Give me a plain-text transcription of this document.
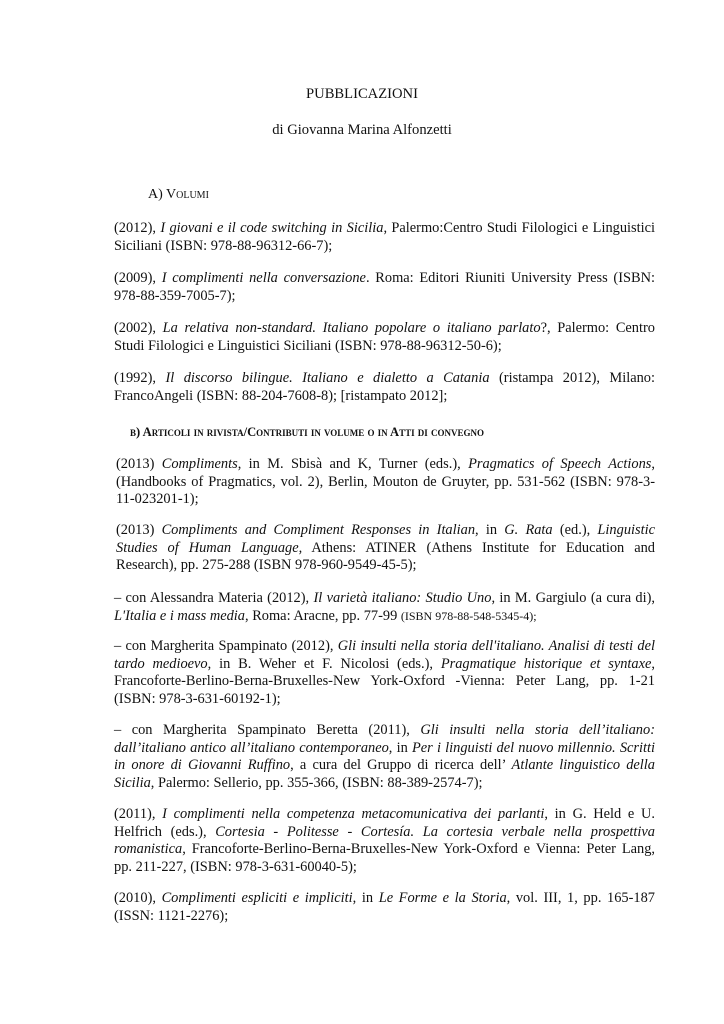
PUBBLICAZIONI
di Giovanna Marina Alfonzetti
A) Volumi
(2012), I giovani e il code switching in Sicilia, Palermo:Centro Studi Filologici e Linguistici Siciliani (ISBN: 978-88-96312-66-7);
(2009), I complimenti nella conversazione. Roma: Editori Riuniti University Press (ISBN: 978-88-359-7005-7);
(2002), La relativa non-standard. Italiano popolare o italiano parlato?, Palermo: Centro Studi Filologici e Linguistici Siciliani (ISBN: 978-88-96312-50-6);
(1992), Il discorso bilingue. Italiano e dialetto a Catania (ristampa 2012), Milano: FrancoAngeli (ISBN: 88-204-7608-8); [ristampato 2012];
b) Articoli in rivista/Contributi in volume o in Atti di convegno
(2013) Compliments, in M. Sbisà and K, Turner (eds.), Pragmatics of Speech Actions, (Handbooks of Pragmatics, vol. 2), Berlin, Mouton de Gruyter, pp. 531-562 (ISBN: 978-3-11-023201-1);
(2013) Compliments and Compliment Responses in Italian, in G. Rata (ed.), Linguistic Studies of Human Language, Athens: ATINER (Athens Institute for Education and Research), pp. 275-288 (ISBN 978-960-9549-45-5);
– con Alessandra Materia (2012), Il varietà italiano: Studio Uno, in M. Gargiulo (a cura di), L'Italia e i mass media, Roma: Aracne, pp. 77-99 (ISBN 978-88-548-5345-4);
– con Margherita Spampinato (2012), Gli insulti nella storia dell'italiano. Analisi di testi del tardo medioevo, in B. Weher et F. Nicolosi (eds.), Pragmatique historique et syntaxe, Francoforte-Berlino-Berna-Bruxelles-New York-Oxford -Vienna: Peter Lang, pp. 1-21 (ISBN: 978-3-631-60192-1);
– con Margherita Spampinato Beretta (2011), Gli insulti nella storia dell’italiano: dall’italiano antico all’italiano contemporaneo, in Per i linguisti del nuovo millennio. Scritti in onore di Giovanni Ruffino, a cura del Gruppo di ricerca dell’ Atlante linguistico della Sicilia, Palermo: Sellerio, pp. 355-366, (ISBN: 88-389-2574-7);
(2011), I complimenti nella competenza metacomunicativa dei parlanti, in G. Held e U. Helfrich (eds.), Cortesia - Politesse - Cortesía. La cortesia verbale nella prospettiva romanistica, Francoforte-Berlino-Berna-Bruxelles-New York-Oxford e Vienna: Peter Lang, pp. 211-227, (ISBN: 978-3-631-60040-5);
(2010), Complimenti espliciti e impliciti, in Le Forme e la Storia, vol. III, 1, pp. 165-187 (ISSN: 1121-2276);
